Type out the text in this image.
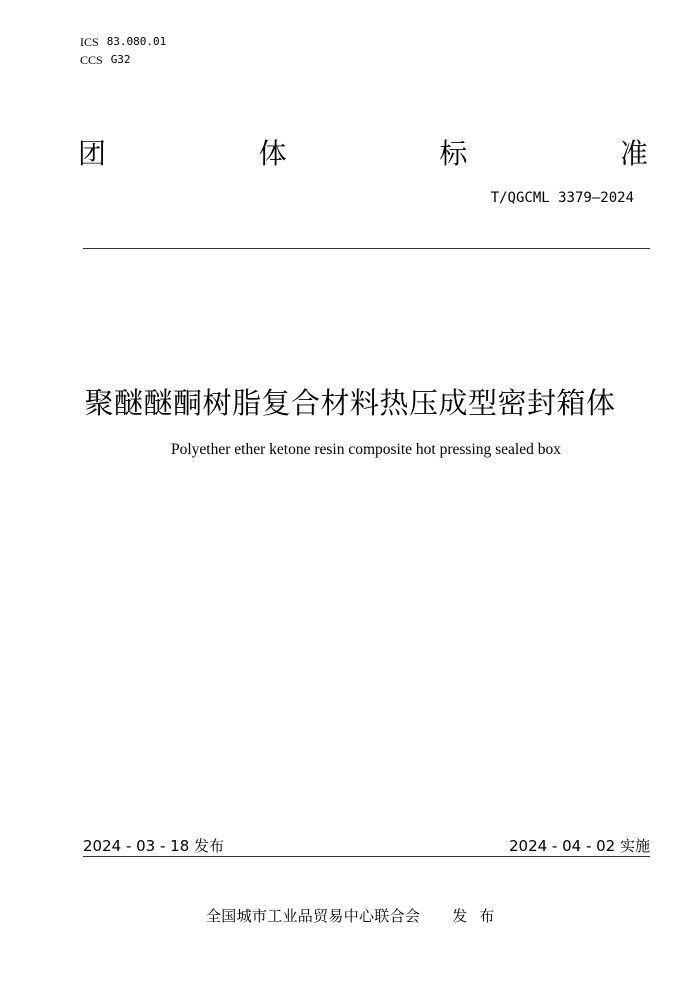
ICS 83.080.01
CCS G32
团	体	标	准
T/QGCML 3379—2024
聚醚醚酮树脂复合材料热压成型密封箱体
Polyether ether ketone resin composite hot pressing sealed box
2024 - 03 - 18 发布	2024 - 04 - 02 实施
全国城市工业品贸易中心联合会 发布
